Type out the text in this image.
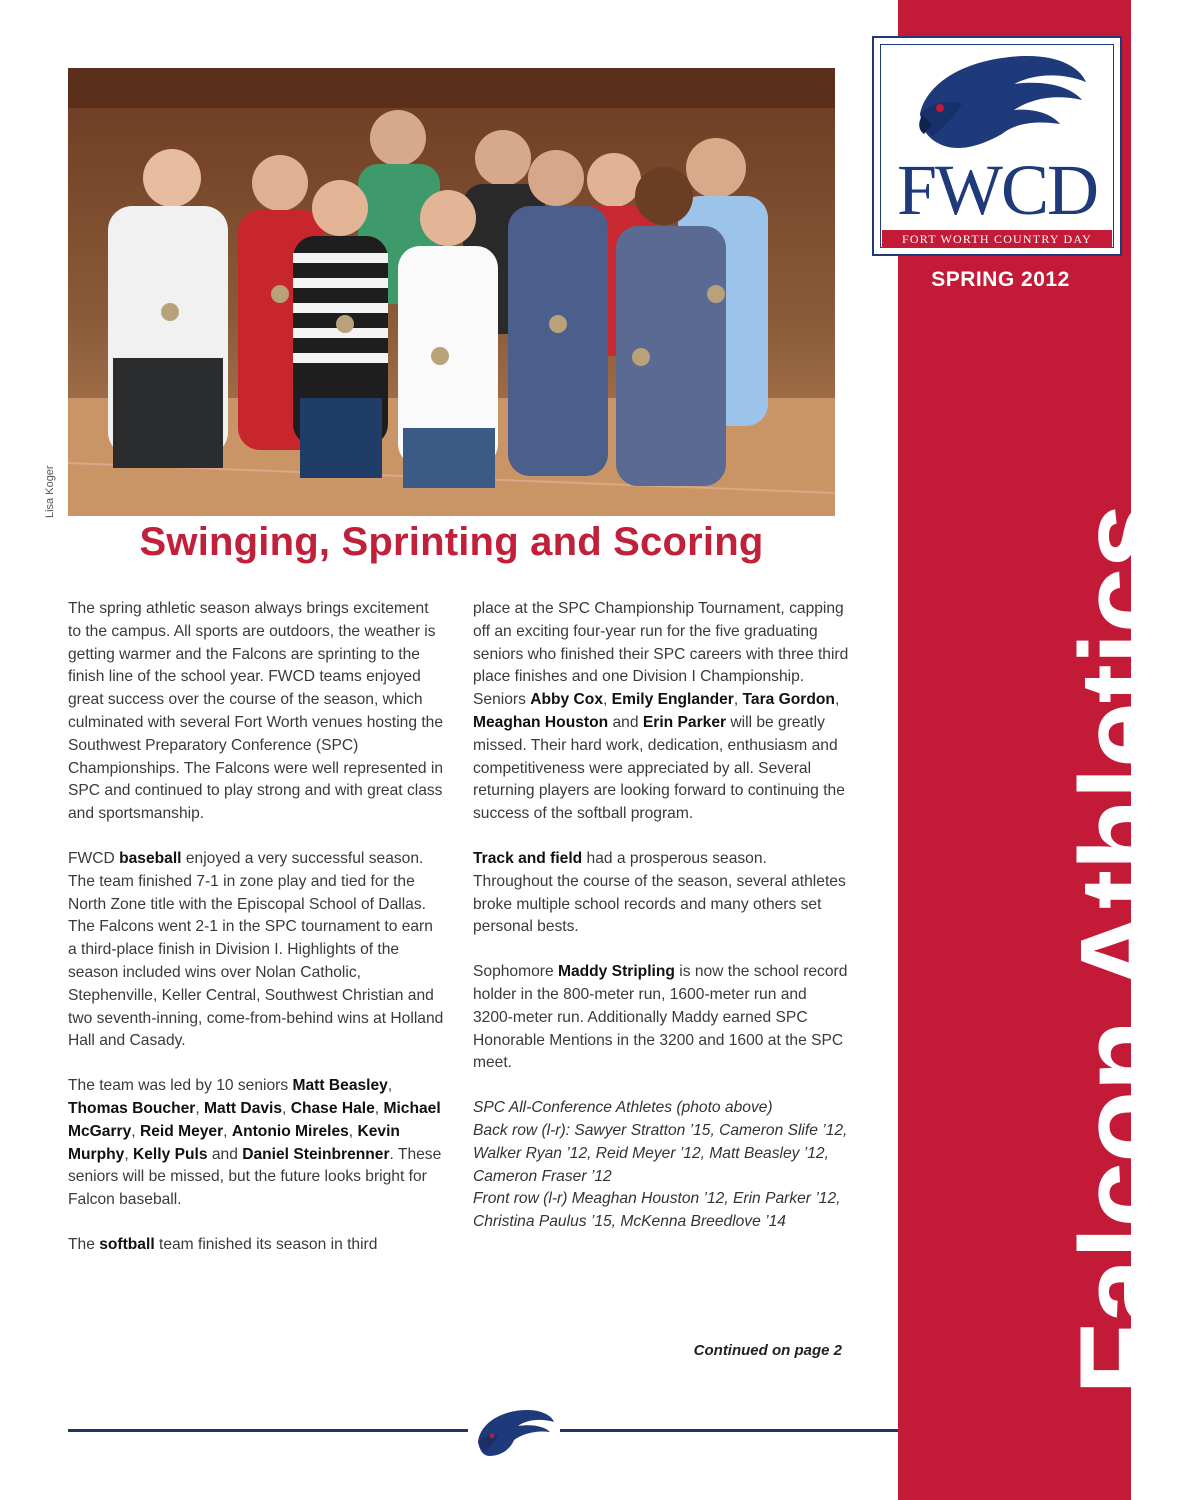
Lisa Koger
Swinging, Sprinting and Scoring

The spring athletic season always brings excitement to the campus. All sports are outdoors, the weather is getting warmer and the Falcons are sprinting to the finish line of the school year. FWCD teams enjoyed great success over the course of the season, which culminated with several Fort Worth venues hosting the Southwest Preparatory Conference (SPC) Championships. The Falcons were well represented in SPC and continued to play strong and with great class and sportsmanship.

FWCD baseball enjoyed a very successful season. The team finished 7-1 in zone play and tied for the North Zone title with the Episcopal School of Dallas. The Falcons went 2-1 in the SPC tournament to earn a third-place finish in Division I. Highlights of the season included wins over Nolan Catholic, Stephenville, Keller Central, Southwest Christian and two seventh-inning, come-from-behind wins at Holland Hall and Casady.

The team was led by 10 seniors Matt Beasley, Thomas Boucher, Matt Davis, Chase Hale, Michael McGarry, Reid Meyer, Antonio Mireles, Kevin Murphy, Kelly Puls and Daniel Steinbrenner. These seniors will be missed, but the future looks bright for Falcon baseball.

The softball team finished its season in third

place at the SPC Championship Tournament, capping off an exciting four-year run for the five graduating seniors who finished their SPC careers with three third place finishes and one Division I Championship. Seniors Abby Cox, Emily Englander, Tara Gordon, Meaghan Houston and Erin Parker will be greatly missed. Their hard work, dedication, enthusiasm and competitiveness were appreciated by all. Several returning players are looking forward to continuing the success of the softball program.

Track and field had a prosperous season. Throughout the course of the season, several athletes broke multiple school records and many others set personal bests.

Sophomore Maddy Stripling is now the school record holder in the 800-meter run, 1600-meter run and 3200-meter run. Additionally Maddy earned SPC Honorable Mentions in the 3200 and 1600 at the SPC meet.

SPC All-Conference Athletes (photo above)

Back row (l-r): Sawyer Stratton ’15, Cameron Slife ’12, Walker Ryan ’12, Reid Meyer ’12, Matt Beasley ’12, Cameron Fraser ’12

Front row (l-r) Meaghan Houston ’12, Erin Parker ’12, Christina Paulus ’15, McKenna Breedlove ’14

Continued on page 2
FWCD
FORT WORTH COUNTRY DAY
SPRING 2012
Falcon Athletics
